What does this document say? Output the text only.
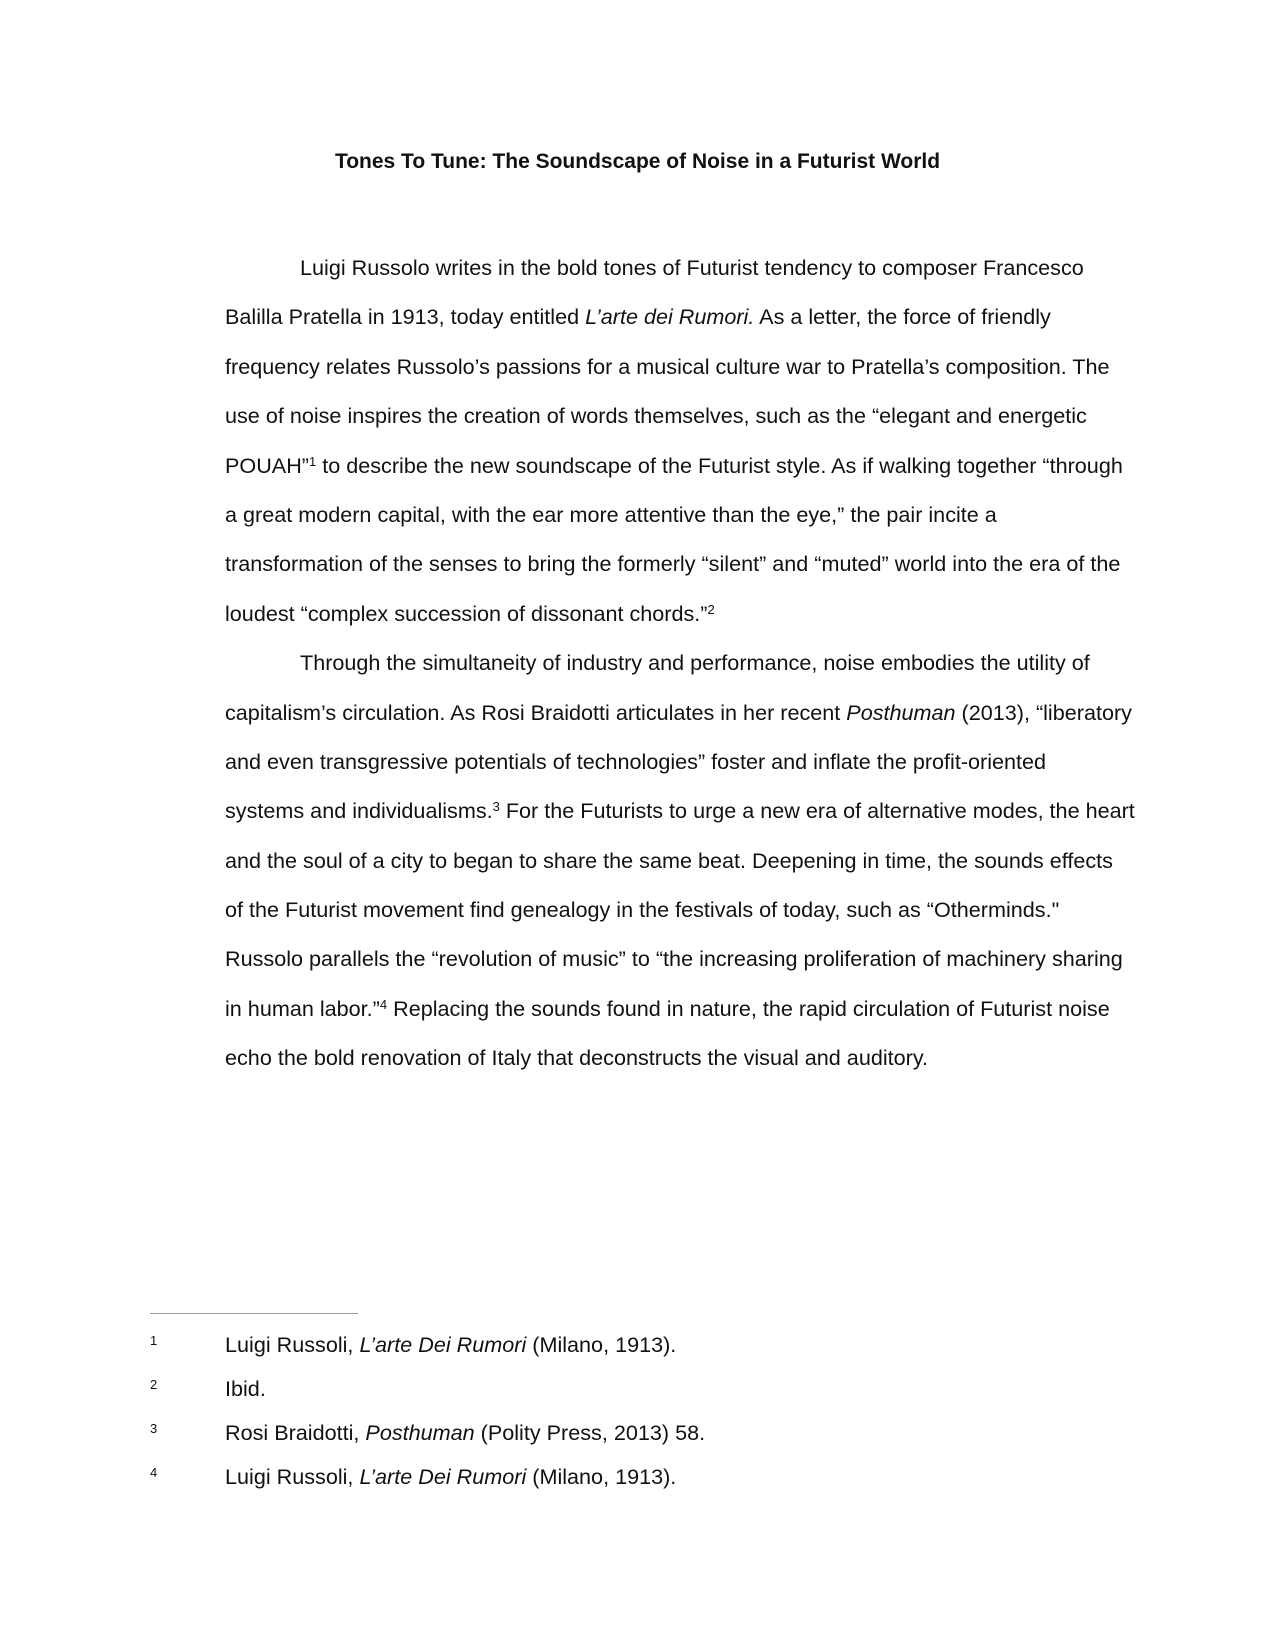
Tones To Tune: The Soundscape of Noise in a Futurist World
Luigi Russolo writes in the bold tones of Futurist tendency to composer Francesco
Balilla Pratella in 1913, today entitled L’arte dei Rumori. As a letter, the force of friendly
frequency relates Russolo’s passions for a musical culture war to Pratella’s composition. The
use of noise inspires the creation of words themselves, such as the “elegant and energetic
POUAH”$^1$ to describe the new soundscape of the Futurist style. As if walking together “through
a great modern capital, with the ear more attentive than the eye,” the pair incite a
transformation of the senses to bring the formerly “silent” and “muted” world into the era of the
loudest “complex succession of dissonant chords.”$^2$
Through the simultaneity of industry and performance, noise embodies the utility of
capitalism’s circulation. As Rosi Braidotti articulates in her recent Posthuman (2013), “liberatory
and even transgressive potentials of technologies” foster and inflate the profit-oriented
systems and individualisms.$^3$ For the Futurists to urge a new era of alternative modes, the heart
and the soul of a city to began to share the same beat. Deepening in time, the sounds effects
of the Futurist movement find genealogy in the festivals of today, such as “Otherminds."
Russolo parallels the “revolution of music” to “the increasing proliferation of machinery sharing
in human labor.”$^4$ Replacing the sounds found in nature, the rapid circulation of Futurist noise
echo the bold renovation of Italy that deconstructs the visual and auditory.
1	Luigi Russoli, L’arte Dei Rumori (Milano, 1913).
2	Ibid.
3	Rosi Braidotti, Posthuman (Polity Press, 2013) 58.
4	Luigi Russoli, L’arte Dei Rumori (Milano, 1913).
